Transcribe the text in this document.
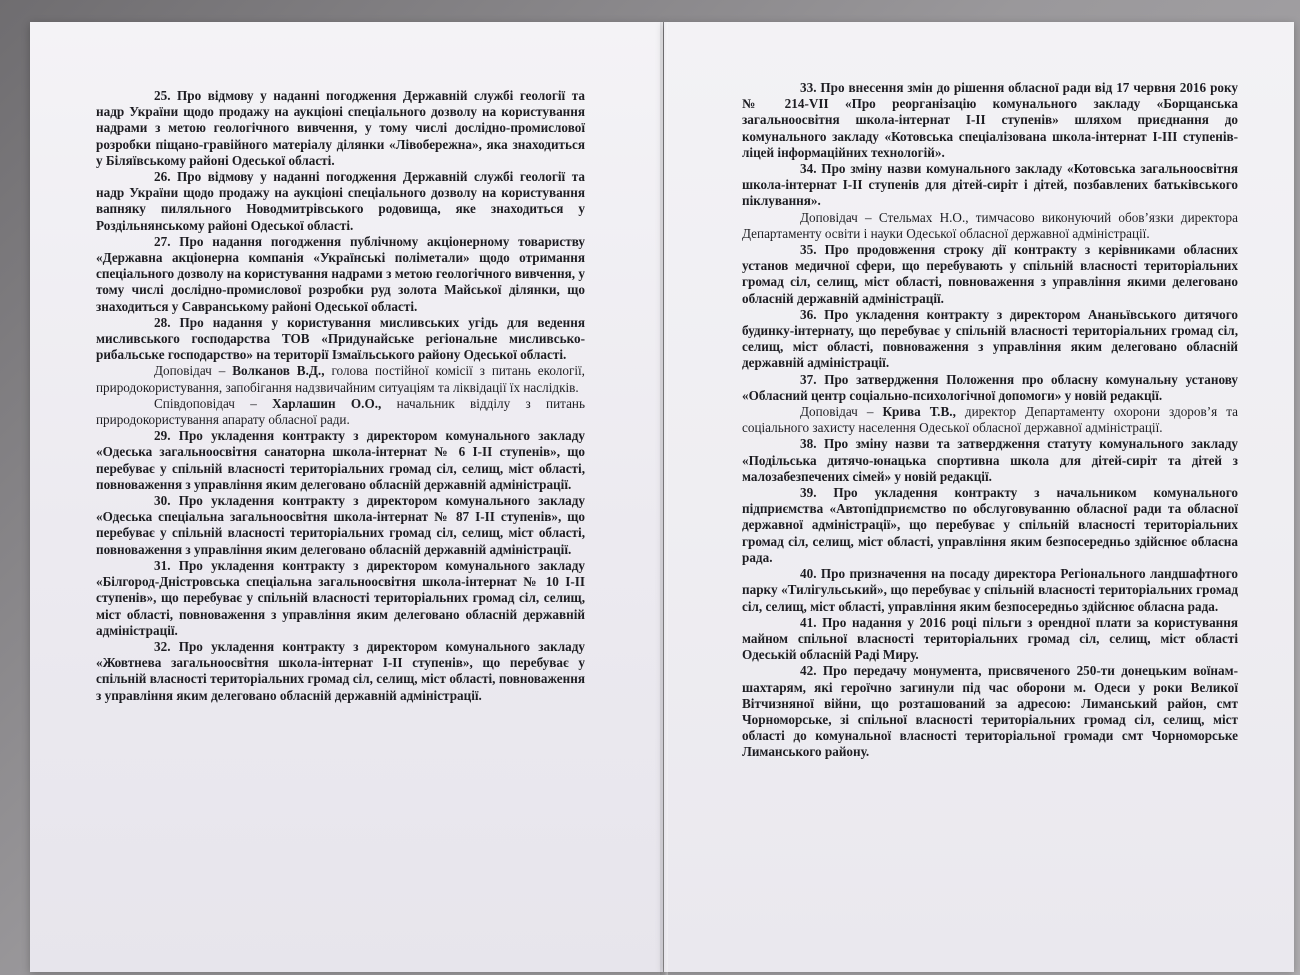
25. Про відмову у наданні погодження Державній службі геології та надр України щодо продажу на аукціоні спеціального дозволу на користування надрами з метою геологічного вивчення, у тому числі дослідно-промислової розробки піщано-гравійного матеріалу ділянки «Лівобережна», яка знаходиться у Біляївському районі Одеської області.

26. Про відмову у наданні погодження Державній службі геології та надр України щодо продажу на аукціоні спеціального дозволу на користування вапняку пиляльного Новодмитрівського родовища, яке знаходиться у Роздільнянському районі Одеської області.

27. Про надання погодження публічному акціонерному товариству «Державна акціонерна компанія «Українські поліметали» щодо отримання спеціального дозволу на користування надрами з метою геологічного вивчення, у тому числі дослідно-промислової розробки руд золота Майської ділянки, що знаходиться у Савранському районі Одеської області.

28. Про надання у користування мисливських угідь для ведення мисливського господарства ТОВ «Придунайське регіональне мисливсько-рибальське господарство» на території Ізмаїльського району Одеської області.

Доповідач – Волканов В.Д., голова постійної комісії з питань екології, природокористування, запобігання надзвичайним ситуаціям та ліквідації їх наслідків.

Співдоповідач – Харлашин О.О., начальник відділу з питань природокористування апарату обласної ради.

29. Про укладення контракту з директором комунального закладу «Одеська загальноосвітня санаторна школа-інтернат № 6 І-ІІ ступенів», що перебуває у спільній власності територіальних громад сіл, селищ, міст області, повноваження з управління яким делеговано обласній державній адміністрації.

30. Про укладення контракту з директором комунального закладу «Одеська спеціальна загальноосвітня школа-інтернат № 87 І-ІІ ступенів», що перебуває у спільній власності територіальних громад сіл, селищ, міст області, повноваження з управління яким делеговано обласній державній адміністрації.

31. Про укладення контракту з директором комунального закладу «Білгород-Дністровська спеціальна загальноосвітня школа-інтернат № 10 І-ІІ ступенів», що перебуває у спільній власності територіальних громад сіл, селищ, міст області, повноваження з управління яким делеговано обласній державній адміністрації.

32. Про укладення контракту з директором комунального закладу «Жовтнева загальноосвітня школа-інтернат І-ІІ ступенів», що перебуває у спільній власності територіальних громад сіл, селищ, міст області, повноваження з управління яким делеговано обласній державній адміністрації.

33. Про внесення змін до рішення обласної ради від 17 червня 2016 року № 214-VII «Про реорганізацію комунального закладу «Борщанська загальноосвітня школа-інтернат І-ІІ ступенів» шляхом приєднання до комунального закладу «Котовська спеціалізована школа-інтернат І-ІІІ ступенів-ліцей інформаційних технологій».

34. Про зміну назви комунального закладу «Котовська загальноосвітня школа-інтернат І-ІІ ступенів для дітей-сиріт і дітей, позбавлених батьківського піклування».

Доповідач – Стельмах Н.О., тимчасово виконуючий обов’язки директора Департаменту освіти і науки Одеської обласної державної адміністрації.

35. Про продовження строку дії контракту з керівниками обласних установ медичної сфери, що перебувають у спільній власності територіальних громад сіл, селищ, міст області, повноваження з управління якими делеговано обласній державній адміністрації.

36. Про укладення контракту з директором Ананьївського дитячого будинку-інтернату, що перебуває у спільній власності територіальних громад сіл, селищ, міст області, повноваження з управління яким делеговано обласній державній адміністрації.

37. Про затвердження Положення про обласну комунальну установу «Обласний центр соціально-психологічної допомоги» у новій редакції.

Доповідач – Крива Т.В., директор Департаменту охорони здоров’я та соціального захисту населення Одеської обласної державної адміністрації.

38. Про зміну назви та затвердження статуту комунального закладу «Подільська дитячо-юнацька спортивна школа для дітей-сиріт та дітей з малозабезпечених сімей» у новій редакції.

39. Про укладення контракту з начальником комунального підприємства «Автопідприємство по обслуговуванню обласної ради та обласної державної адміністрації», що перебуває у спільній власності територіальних громад сіл, селищ, міст області, управління яким безпосередньо здійснює обласна рада.

40. Про призначення на посаду директора Регіонального ландшафтного парку «Тилігульський», що перебуває у спільній власності територіальних громад сіл, селищ, міст області, управління яким безпосередньо здійснює обласна рада.

41. Про надання у 2016 році пільги з орендної плати за користування майном спільної власності територіальних громад сіл, селищ, міст області Одеській обласній Раді Миру.

42. Про передачу монумента, присвяченого 250-ти донецьким воїнам-шахтарям, які героїчно загинули під час оборони м. Одеси у роки Великої Вітчизняної війни, що розташований за адресою: Лиманський район, смт Чорноморське, зі спільної власності територіальних громад сіл, селищ, міст області до комунальної власності територіальної громади смт Чорноморське Лиманського району.
